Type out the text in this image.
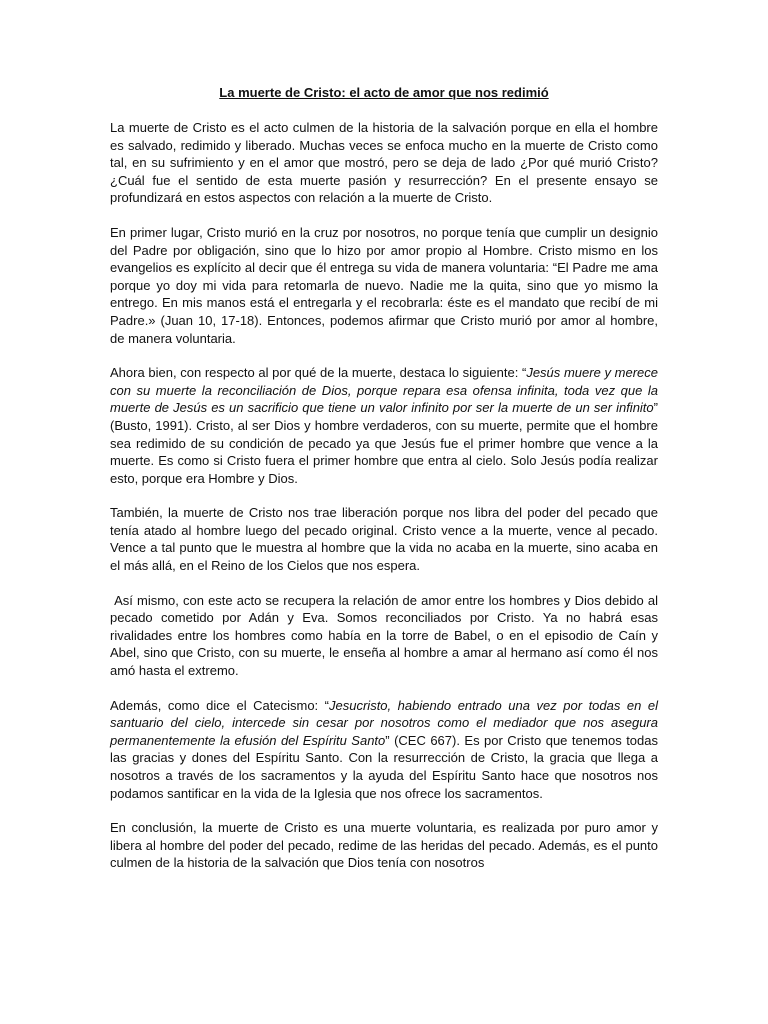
La muerte de Cristo: el acto de amor que nos redimió

La muerte de Cristo es el acto culmen de la historia de la salvación porque en ella el hombre es salvado, redimido y liberado. Muchas veces se enfoca mucho en la muerte de Cristo como tal, en su sufrimiento y en el amor que mostró, pero se deja de lado ¿Por qué murió Cristo? ¿Cuál fue el sentido de esta muerte pasión y resurrección? En el presente ensayo se profundizará en estos aspectos con relación a la muerte de Cristo.

En primer lugar, Cristo murió en la cruz por nosotros, no porque tenía que cumplir un designio del Padre por obligación, sino que lo hizo por amor propio al Hombre. Cristo mismo en los evangelios es explícito al decir que él entrega su vida de manera voluntaria: “El Padre me ama porque yo doy mi vida para retomarla de nuevo. Nadie me la quita, sino que yo mismo la entrego. En mis manos está el entregarla y el recobrarla: éste es el mandato que recibí de mi Padre.» (Juan 10, 17-18). Entonces, podemos afirmar que Cristo murió por amor al hombre, de manera voluntaria.

Ahora bien, con respecto al por qué de la muerte, destaca lo siguiente: “Jesús muere y merece con su muerte la reconciliación de Dios, porque repara esa ofensa infinita, toda vez que la muerte de Jesús es un sacrificio que tiene un valor infinito por ser la muerte de un ser infinito” (Busto, 1991). Cristo, al ser Dios y hombre verdaderos, con su muerte, permite que el hombre sea redimido de su condición de pecado ya que Jesús fue el primer hombre que vence a la muerte. Es como si Cristo fuera el primer hombre que entra al cielo. Solo Jesús podía realizar esto, porque era Hombre y Dios.

También, la muerte de Cristo nos trae liberación porque nos libra del poder del pecado que tenía atado al hombre luego del pecado original. Cristo vence a la muerte, vence al pecado. Vence a tal punto que le muestra al hombre que la vida no acaba en la muerte, sino acaba en el más allá, en el Reino de los Cielos que nos espera.

Así mismo, con este acto se recupera la relación de amor entre los hombres y Dios debido al pecado cometido por Adán y Eva. Somos reconciliados por Cristo. Ya no habrá esas rivalidades entre los hombres como había en la torre de Babel, o en el episodio de Caín y Abel, sino que Cristo, con su muerte, le enseña al hombre a amar al hermano así como él nos amó hasta el extremo.

Además, como dice el Catecismo: “Jesucristo, habiendo entrado una vez por todas en el santuario del cielo, intercede sin cesar por nosotros como el mediador que nos asegura permanentemente la efusión del Espíritu Santo” (CEC 667). Es por Cristo que tenemos todas las gracias y dones del Espíritu Santo. Con la resurrección de Cristo, la gracia que llega a nosotros a través de los sacramentos y la ayuda del Espíritu Santo hace que nosotros nos podamos santificar en la vida de la Iglesia que nos ofrece los sacramentos.

En conclusión, la muerte de Cristo es una muerte voluntaria, es realizada por puro amor y libera al hombre del poder del pecado, redime de las heridas del pecado. Además, es el punto culmen de la historia de la salvación que Dios tenía con nosotros
